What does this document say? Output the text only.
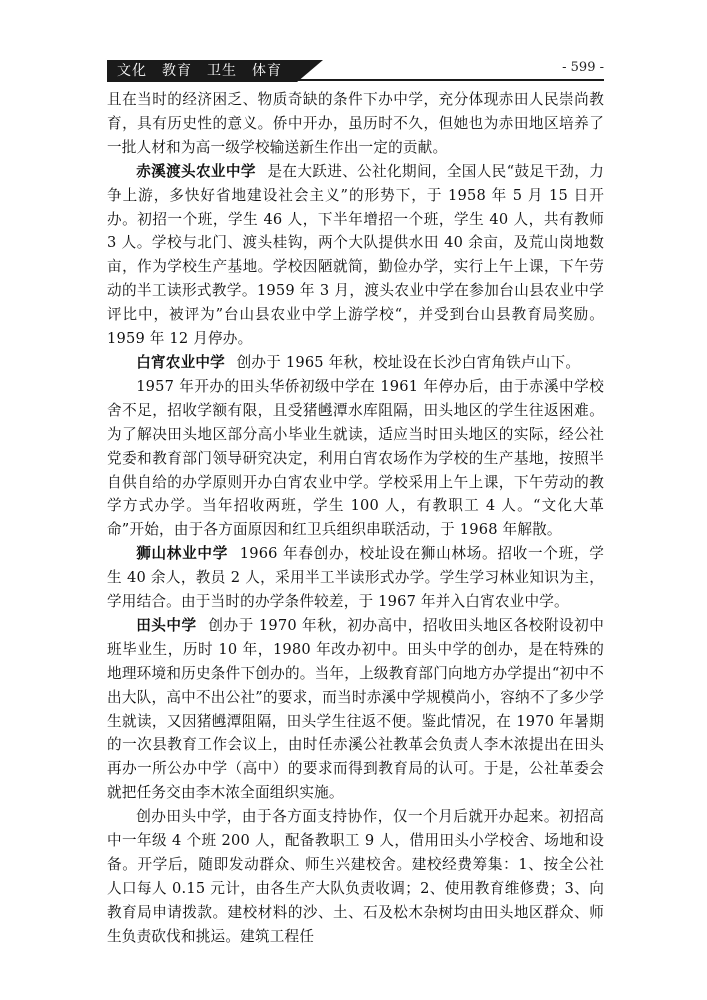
文化　教育　卫生　体育	- 599 -

且在当时的经济困乏、物质奇缺的条件下办中学，充分体现赤田人民崇尚教育，具有历史性的意义。侨中开办，虽历时不久，但她也为赤田地区培养了一批人材和为高一级学校输送新生作出一定的贡献。

赤溪渡头农业中学 是在大跃进、公社化期间，全国人民“鼓足干劲，力争上游，多快好省地建设社会主义”的形势下，于 1958 年 5 月 15 日开办。初招一个班，学生 46 人，下半年增招一个班，学生 40 人，共有教师 3 人。学校与北门、渡头桂钩，两个大队提供水田 40 余亩，及荒山岗地数亩，作为学校生产基地。学校因陋就简，勤俭办学，实行上午上课，下午劳动的半工读形式教学。1959 年 3 月，渡头农业中学在参加台山县农业中学评比中，被评为”台山县农业中学上游学校“，并受到台山县教育局奖励。1959 年 12 月停办。

白宵农业中学 创办于 1965 年秋，校址设在长沙白宵角铁卢山下。

1957 年开办的田头华侨初级中学在 1961 年停办后，由于赤溪中学校舍不足，招收学额有限，且受猪乸潭水库阻隔，田头地区的学生往返困难。为了解决田头地区部分高小毕业生就读，适应当时田头地区的实际，经公社党委和教育部门领导研究决定，利用白宵农场作为学校的生产基地，按照半自供自给的办学原则开办白宵农业中学。学校采用上午上课，下午劳动的教学方式办学。当年招收两班，学生 100 人，有教职工 4 人。“文化大革命”开始，由于各方面原因和红卫兵组织串联活动，于 1968 年解散。

狮山林业中学 1966 年春创办，校址设在狮山林场。招收一个班，学生 40 余人，教员 2 人，采用半工半读形式办学。学生学习林业知识为主，学用结合。由于当时的办学条件较差，于 1967 年并入白宵农业中学。

田头中学 创办于 1970 年秋，初办高中，招收田头地区各校附设初中班毕业生，历时 10 年，1980 年改办初中。田头中学的创办，是在特殊的地理环境和历史条件下创办的。当年，上级教育部门向地方办学提出“初中不出大队，高中不出公社”的要求，而当时赤溪中学规模尚小，容纳不了多少学生就读，又因猪乸潭阻隔，田头学生往返不便。鉴此情况，在 1970 年暑期的一次县教育工作会议上，由时任赤溪公社教革会负责人李木浓提出在田头再办一所公办中学（高中）的要求而得到教育局的认可。于是，公社革委会就把任务交由李木浓全面组织实施。

创办田头中学，由于各方面支持协作，仅一个月后就开办起来。初招高中一年级 4 个班 200 人，配备教职工 9 人，借用田头小学校舍、场地和设备。开学后，随即发动群众、师生兴建校舍。建校经费筹集：1、按全公社人口每人 0.15 元计，由各生产大队负责收调；2、使用教育维修费；3、向教育局申请拨款。建校材料的沙、土、石及松木杂树均由田头地区群众、师生负责砍伐和挑运。建筑工程任
